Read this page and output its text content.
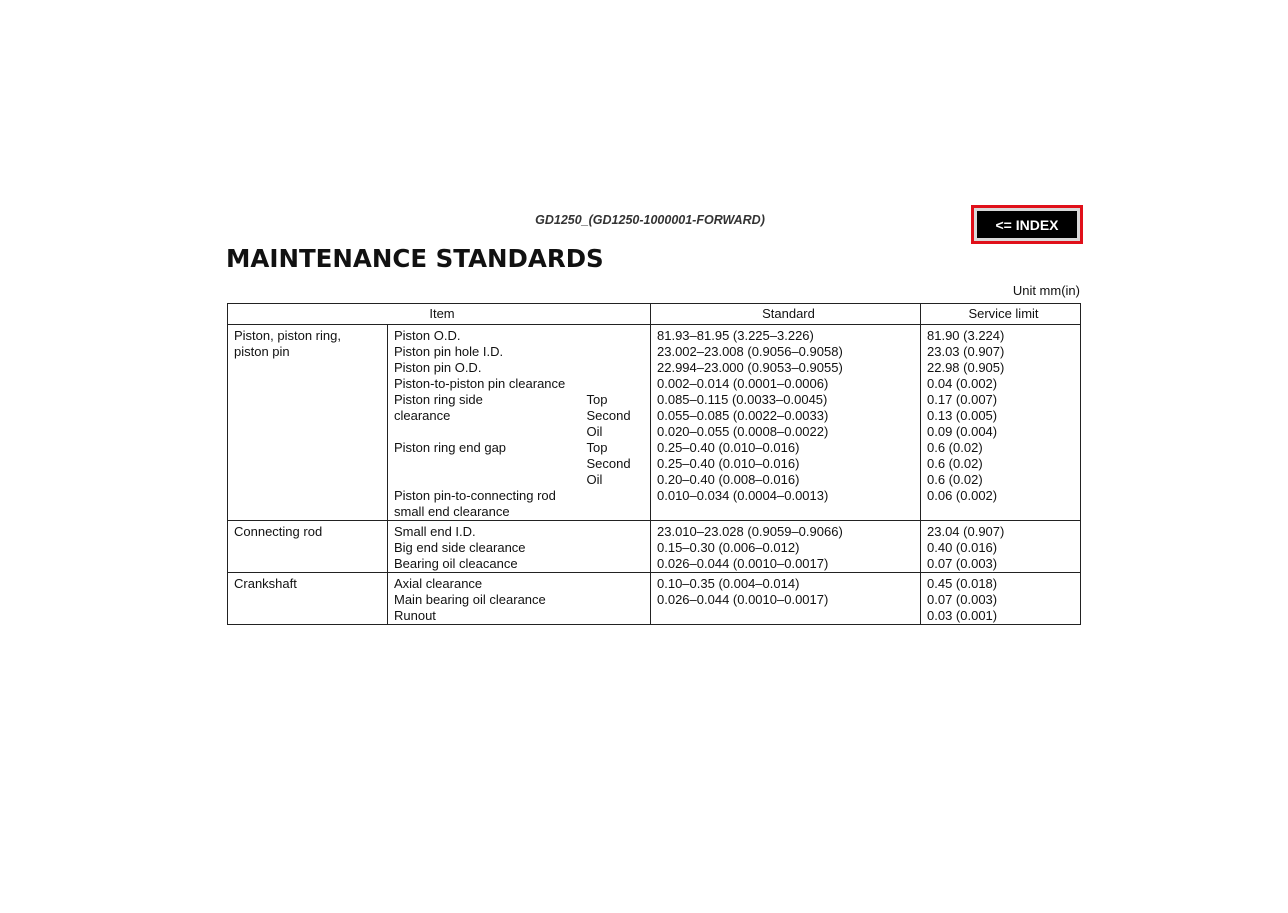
GD1250_(GD1250-1000001-FORWARD)	<= INDEX
MAINTENANCE STANDARDS
Unit mm(in)
Item			Standard	Service limit
Piston, piston ring,	Piston O.D.		81.93–81.95 (3.225–3.226)	81.90 (3.224)
piston pin	Piston pin hole I.D.		23.002–23.008 (0.9056–0.9058)	23.03 (0.907)
	Piston pin O.D.		22.994–23.000 (0.9053–0.9055)	22.98 (0.905)
	Piston-to-piston pin clearance		0.002–0.014 (0.0001–0.0006)	0.04 (0.002)
	Piston ring side	Top	0.085–0.115 (0.0033–0.0045)	0.17 (0.007)
	clearance	Second	0.055–0.085 (0.0022–0.0033)	0.13 (0.005)
		Oil	0.020–0.055 (0.0008–0.0022)	0.09 (0.004)
	Piston ring end gap	Top	0.25–0.40 (0.010–0.016)	0.6 (0.02)
		Second	0.25–0.40 (0.010–0.016)	0.6 (0.02)
		Oil	0.20–0.40 (0.008–0.016)	0.6 (0.02)
	Piston pin-to-connecting rod		0.010–0.034 (0.0004–0.0013)	0.06 (0.002)
	small end clearance			
Connecting rod	Small end I.D.		23.010–23.028 (0.9059–0.9066)	23.04 (0.907)
	Big end side clearance		0.15–0.30 (0.006–0.012)	0.40 (0.016)
	Bearing oil cleacance		0.026–0.044 (0.0010–0.0017)	0.07 (0.003)
Crankshaft	Axial clearance		0.10–0.35 (0.004–0.014)	0.45 (0.018)
	Main bearing oil clearance		0.026–0.044 (0.0010–0.0017)	0.07 (0.003)
	Runout			0.03 (0.001)
